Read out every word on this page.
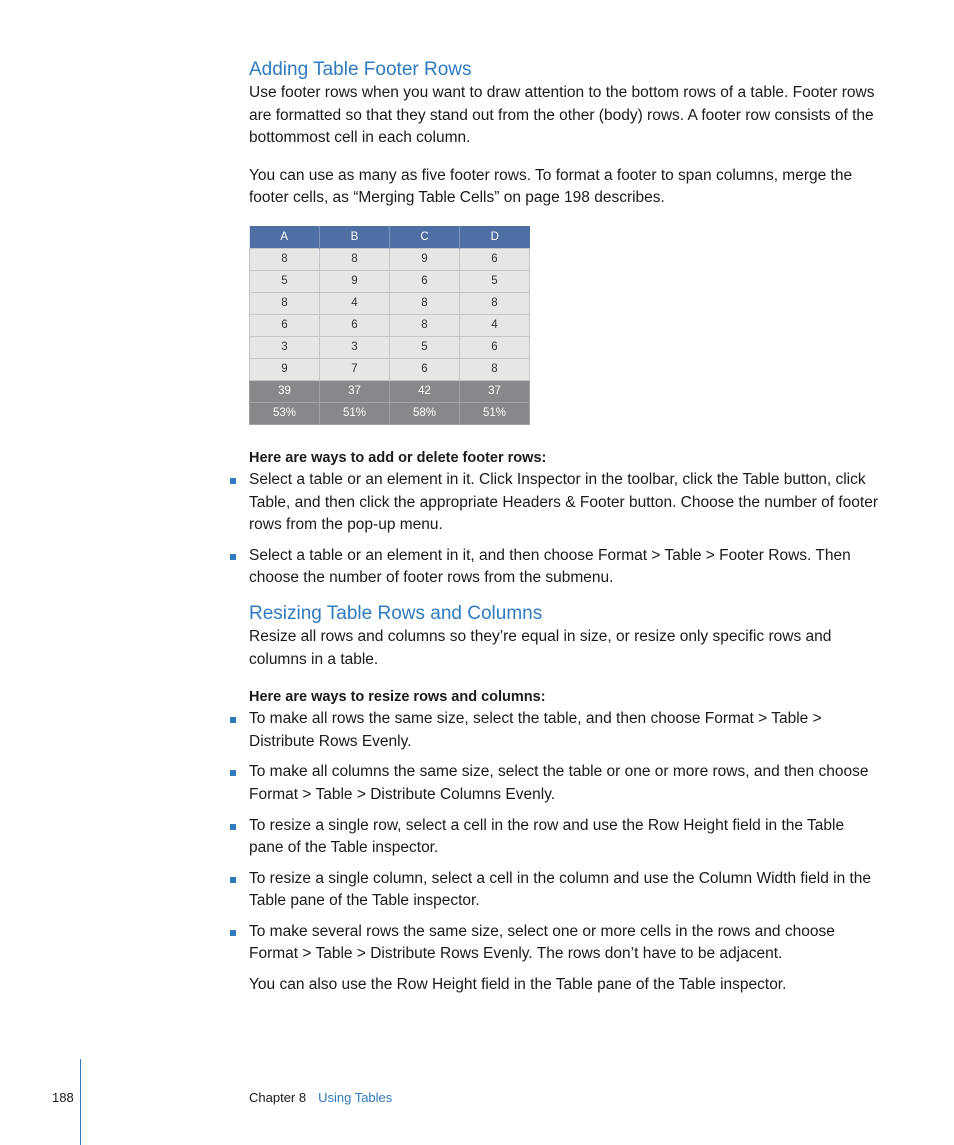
Adding Table Footer Rows

Use footer rows when you want to draw attention to the bottom rows of a table. Footer rows are formatted so that they stand out from the other (body) rows. A footer row consists of the bottommost cell in each column.

You can use as many as five footer rows. To format a footer to span columns, merge the footer cells, as “Merging Table Cells” on page 198 describes.

A	B	C	D
8	8	9	6
5	9	6	5
8	4	8	8
6	6	8	4
3	3	5	6
9	7	6	8
39	37	42	37
53%	51%	58%	51%

Here are ways to add or delete footer rows:

Select a table or an element in it. Click Inspector in the toolbar, click the Table button, click Table, and then click the appropriate Headers & Footer button. Choose the number of footer rows from the pop-up menu.
Select a table or an element in it, and then choose Format > Table > Footer Rows. Then choose the number of footer rows from the submenu.
Resizing Table Rows and Columns

Resize all rows and columns so they’re equal in size, or resize only specific rows and columns in a table.

Here are ways to resize rows and columns:

To make all rows the same size, select the table, and then choose Format > Table > Distribute Rows Evenly.
To make all columns the same size, select the table or one or more rows, and then choose Format > Table > Distribute Columns Evenly.
To resize a single row, select a cell in the row and use the Row Height field in the Table pane of the Table inspector.
To resize a single column, select a cell in the column and use the Column Width field in the Table pane of the Table inspector.
To make several rows the same size, select one or more cells in the rows and choose Format > Table > Distribute Rows Evenly. The rows don’t have to be adjacent.

You can also use the Row Height field in the Table pane of the Table inspector.

188	Chapter 8 Using Tables
